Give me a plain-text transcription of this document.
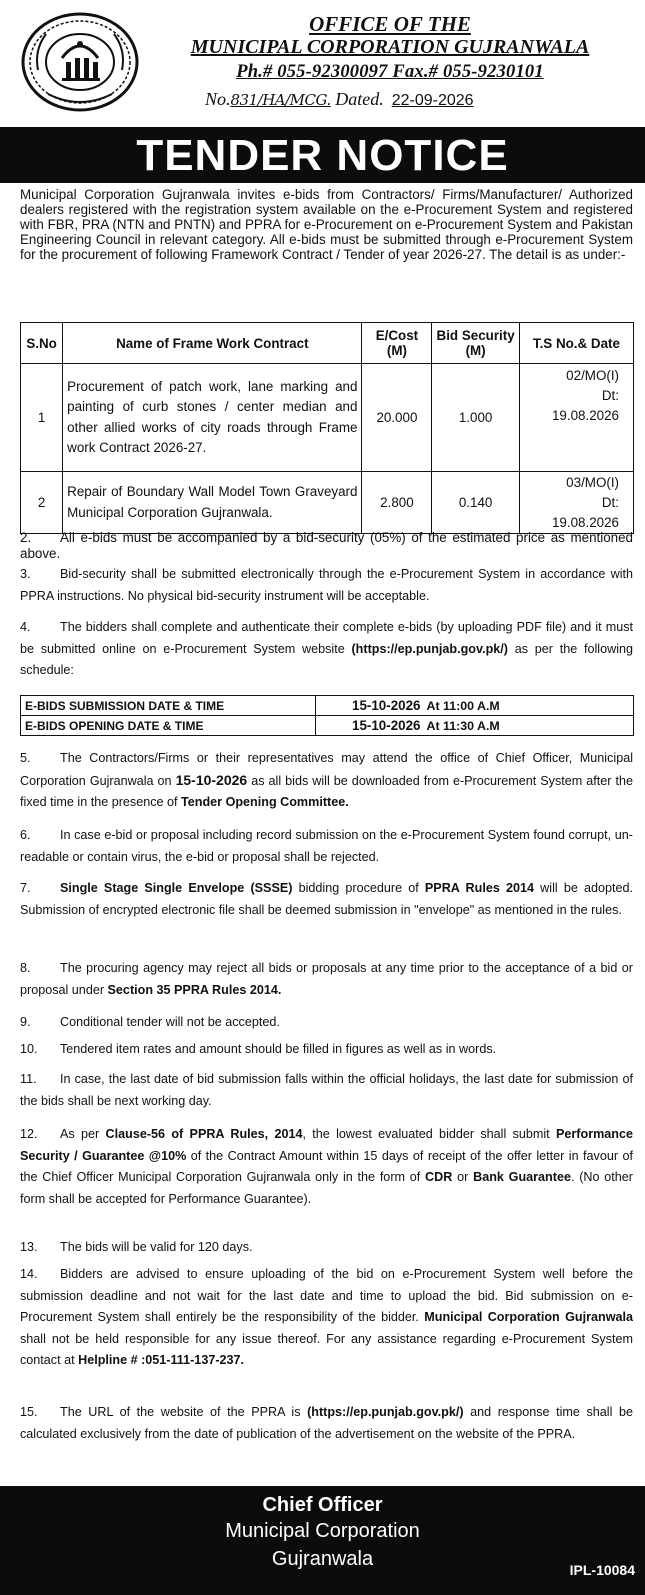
OFFICE OF THE
MUNICIPAL CORPORATION GUJRANWALA
Ph.# 055-92300097 Fax.# 055-9230101
No.831/HA/MCG. Dated. 22-09-2026
TENDER NOTICE
Municipal Corporation Gujranwala invites e-bids from Contractors/ Firms/Manufacturer/ Authorized dealers registered with the registration system available on the e-Procurement System and registered with FBR, PRA (NTN and PNTN) and PPRA for e-Procurement on e-Procurement System and Pakistan Engineering Council in relevant category. All e-bids must be submitted through e-Procurement System for the procurement of following Framework Contract / Tender of year 2026-27. The detail is as under:-
S.No	Name of Frame Work Contract	E/Cost (M)	Bid Security (M)	T.S No.& Date
1	Procurement of patch work, lane marking and painting of curb stones / center median and other allied works of city roads through Frame work Contract 2026-27.	20.000	1.000	02/MO(I)
Dt:
19.08.2026

2	Repair of Boundary Wall Model Town Graveyard Municipal Corporation Gujranwala.	2.800	0.140	03/MO(I)
Dt:
19.08.2026
2. All e-bids must be accompanied by a bid-security (05%) of the estimated price as mentioned above.
3. Bid-security shall be submitted electronically through the e-Procurement System in accordance with PPRA instructions. No physical bid-security instrument will be acceptable.
4. The bidders shall complete and authenticate their complete e-bids (by uploading PDF file) and it must be submitted online on e-Procurement System website (https://ep.punjab.gov.pk/) as per the following schedule:
E-BIDS SUBMISSION DATE & TIME	15-10-2026 At 11:00 A.M
E-BIDS OPENING DATE & TIME	15-10-2026 At 11:30 A.M
5. The Contractors/Firms or their representatives may attend the office of Chief Officer, Municipal Corporation Gujranwala on 15-10-2026 as all bids will be downloaded from e-Procurement System after the fixed time in the presence of Tender Opening Committee.
6. In case e-bid or proposal including record submission on the e-Procurement System found corrupt, un-readable or contain virus, the e-bid or proposal shall be rejected.
7. Single Stage Single Envelope (SSSE) bidding procedure of PPRA Rules 2014 will be adopted. Submission of encrypted electronic file shall be deemed submission in "envelope" as mentioned in the rules.
8. The procuring agency may reject all bids or proposals at any time prior to the acceptance of a bid or proposal under Section 35 PPRA Rules 2014.
9. Conditional tender will not be accepted.
10. Tendered item rates and amount should be filled in figures as well as in words.
11. In case, the last date of bid submission falls within the official holidays, the last date for submission of the bids shall be next working day.
12. As per Clause-56 of PPRA Rules, 2014, the lowest evaluated bidder shall submit Performance Security / Guarantee @10% of the Contract Amount within 15 days of receipt of the offer letter in favour of the Chief Officer Municipal Corporation Gujranwala only in the form of CDR or Bank Guarantee. (No other form shall be accepted for Performance Guarantee).
13. The bids will be valid for 120 days.
14. Bidders are advised to ensure uploading of the bid on e-Procurement System well before the submission deadline and not wait for the last date and time to upload the bid. Bid submission on e-Procurement System shall entirely be the responsibility of the bidder. Municipal Corporation Gujranwala shall not be held responsible for any issue thereof. For any assistance regarding e-Procurement System contact at Helpline # :051-111-137-237.
15. The URL of the website of the PPRA is (https://ep.punjab.gov.pk/) and response time shall be calculated exclusively from the date of publication of the advertisement on the website of the PPRA.
Chief Officer
Municipal Corporation
Gujranwala	IPL-10084
